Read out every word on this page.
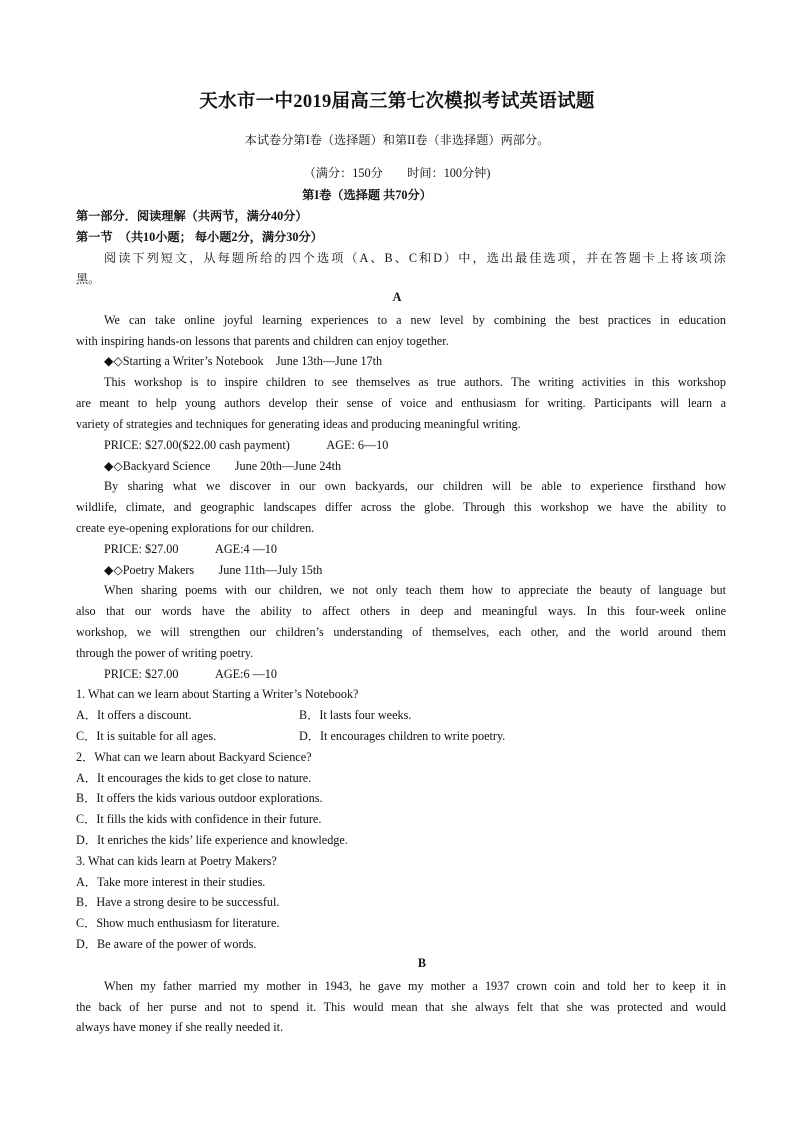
天水市一中2019届高三第七次模拟考试英语试题
本试卷分第I卷（选择题）和第II卷（非选择题）两部分。
（满分：150分　　时间：100分钟)
第I卷（选择题 共70分）
第一部分．阅读理解（共两节，满分40分）
第一节　（共10小题； 每小题2分，满分30分）
阅读下列短文，从每题所给的四个选项（A、B、C和D）中，选出最佳选项，并在答题卡上将该项涂
黑。
A
We can take online joyful learning experiences to a new level by combining the best practices in education
with inspiring hands-on lessons that parents and children can enjoy together.
◆◇Starting a Writer’s Notebook　June 13th—June 17th
This workshop is to inspire children to see themselves as true authors. The writing activities in this workshop
are meant to help young authors develop their sense of voice and enthusiasm for writing. Participants will learn a
variety of strategies and techniques for generating ideas and producing meaningful writing.
PRICE: $27.00($22.00 cash payment)　　　AGE: 6—10
◆◇Backyard Science　　June 20th—June 24th
By sharing what we discover in our own backyards, our children will be able to experience firsthand how
wildlife, climate, and geographic landscapes differ across the globe. Through this workshop we have the ability to
create eye-opening explorations for our children.
PRICE: $27.00　　　AGE:4 —10
◆◇Poetry Makers　　June 11th—July 15th
When sharing poems with our children, we not only teach them how to appreciate the beauty of language but
also that our words have the ability to affect others in deep and meaningful ways. In this four-week online
workshop, we will strengthen our children’s understanding of themselves, each other, and the world around them
through the power of writing poetry.
PRICE: $27.00　　　AGE:6 —10
1. What can we learn about Starting a Writer’s Notebook?
A．It offers a discount.	B．It lasts four weeks.
C．It is suitable for all ages.	D．It encourages children to write poetry.
2．What can we learn about Backyard Science?
A．It encourages the kids to get close to nature.
B．It offers the kids various outdoor explorations.
C．It fills the kids with confidence in their future.
D．It enriches the kids’ life experience and knowledge.
3. What can kids learn at Poetry Makers?
A．Take more interest in their studies.
B．Have a strong desire to be successful.
C．Show much enthusiasm for literature.
D．Be aware of the power of words.
B
When my father married my mother in 1943, he gave my mother a 1937 crown coin and told her to keep it in
the back of her purse and not to spend it. This would mean that she always felt that she was protected and would
always have money if she really needed it.
